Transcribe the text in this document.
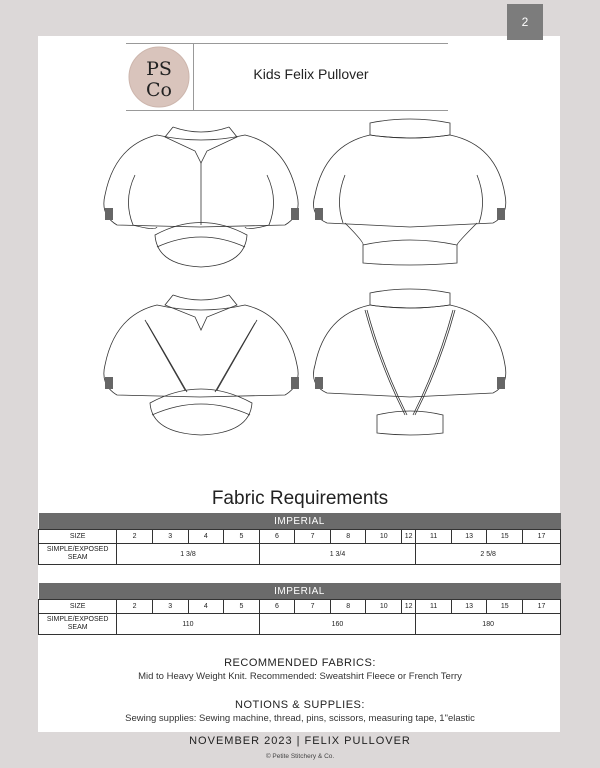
2
PS
Co
Kids Felix Pullover
Fabric Requirements
IMPERIAL													
SIZE	2	3	4	5	6	7	8	10	12	11	13	15	17
SIMPLE/EXPOSED
SEAM	1 3/8				1 3/4					2 5/8			
IMPERIAL													
SIZE	2	3	4	5	6	7	8	10	12	11	13	15	17
SIMPLE/EXPOSED
SEAM	110				160					180			
RECOMMENDED FABRICS:
Mid to Heavy Weight Knit. Recommended: Sweatshirt Fleece or French Terry
NOTIONS & SUPPLIES:
Sewing supplies: Sewing machine, thread, pins, scissors, measuring tape, 1"elastic
NOVEMBER 2023 | FELIX PULLOVER
© Petite Stitchery & Co.
